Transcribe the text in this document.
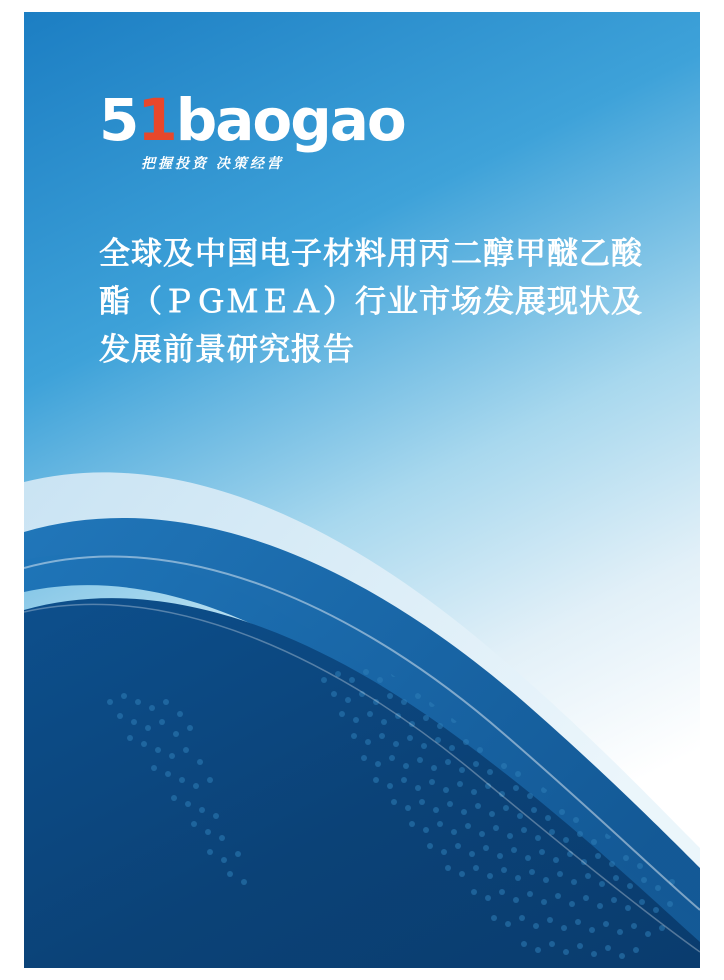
51baogao
把握投资 决策经营
全球及中国电子材料用丙二醇甲醚乙酸酯（ＰＧＭＥＡ）行业市场发展现状及发展前景研究报告
